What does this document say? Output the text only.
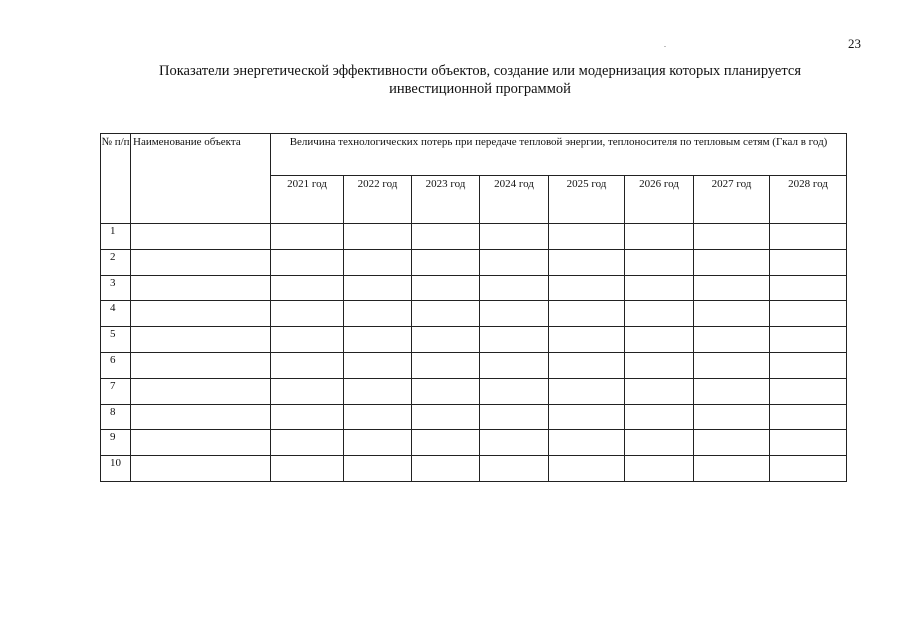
23
.
Показатели энергетической эффективности объектов, создание или модернизация которых планируется
инвестиционной программой
№ п/п	Наименование объекта	Величина технологических потерь при передаче тепловой энергии, теплоносителя по тепловым сетям (Гкал в год)							
		2021 год	2022 год	2023 год	2024 год	2025 год	2026 год	2027 год	2028 год
1									
2									
3									
4									
5									
6									
7									
8									
9									
10									
